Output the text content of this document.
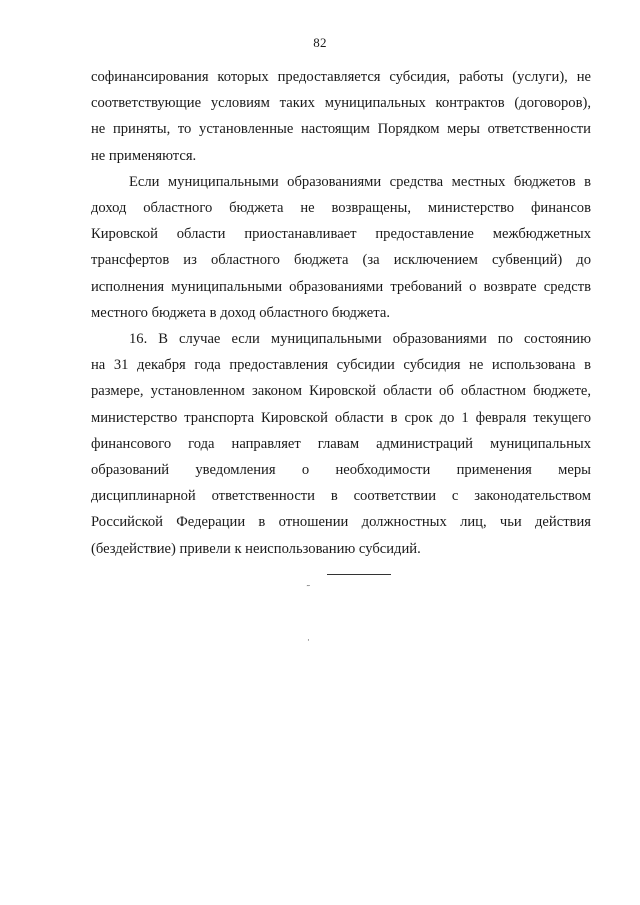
82
софинансирования которых предоставляется субсидия, работы (услуги), не
соответствующие условиям таких муниципальных контрактов (договоров),
не приняты, то установленные настоящим Порядком меры ответственности
не применяются.
Если муниципальными образованиями средства местных бюджетов в
доход областного бюджета не возвращены, министерство финансов
Кировской области приостанавливает предоставление межбюджетных
трансфертов из областного бюджета (за исключением субвенций) до
исполнения муниципальными образованиями требований о возврате средств
местного бюджета в доход областного бюджета.
16. В случае если муниципальными образованиями по состоянию
на 31 декабря года предоставления субсидии субсидия не использована в
размере, установленном законом Кировской области об областном бюджете,
министерство транспорта Кировской области в срок до 1 февраля текущего
финансового года направляет главам администраций муниципальных
образований уведомления о необходимости применения меры
дисциплинарной ответственности в соответствии с законодательством
Российской Федерации в отношении должностных лиц, чьи действия
(бездействие) привели к неиспользованию субсидий.
˜
·
